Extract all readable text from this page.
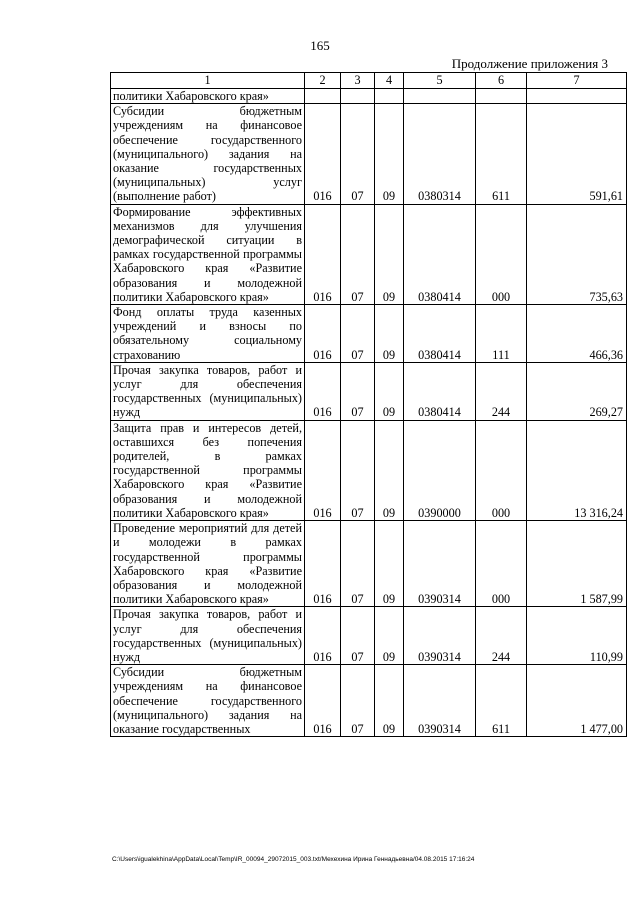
165
Продолжение приложения 3
1	2	3	4	5	6	7
политики Хабаровского края»						
Субсидии бюджетным учреждениям на финансовое обеспечение государственного (муниципального) задания на оказание государственных (муниципальных) услуг (выполнение работ)	016	07	09	0380314	611	591,61
Формирование эффективных механизмов для улучшения демографической ситуации в рамках государственной программы Хабаровского края «Развитие образования и молодежной политики Хабаровского края»	016	07	09	0380414	000	735,63
Фонд оплаты труда казенных учреждений и взносы по обязательному социальному страхованию	016	07	09	0380414	111	466,36
Прочая закупка товаров, работ и услуг для обеспечения государственных (муниципальных) нужд	016	07	09	0380414	244	269,27
Защита прав и интересов детей, оставшихся без попечения родителей, в рамках государственной программы Хабаровского края «Развитие образования и молодежной политики Хабаровского края»	016	07	09	0390000	000	13 316,24
Проведение мероприятий для детей и молодежи в рамках государственной программы Хабаровского края «Развитие образования и молодежной политики Хабаровского края»	016	07	09	0390314	000	1 587,99
Прочая закупка товаров, работ и услуг для обеспечения государственных (муниципальных) нужд	016	07	09	0390314	244	110,99
Субсидии бюджетным учреждениям на финансовое обеспечение государственного (муниципального) задания на оказание государственных	016	07	09	0390314	611	1 477,00
C:\Users\igualekhina\AppData\Local\Temp\IR_00094_29072015_003.txt/Мехехина Ирина Геннадьевна/04.08.2015 17:16:24
